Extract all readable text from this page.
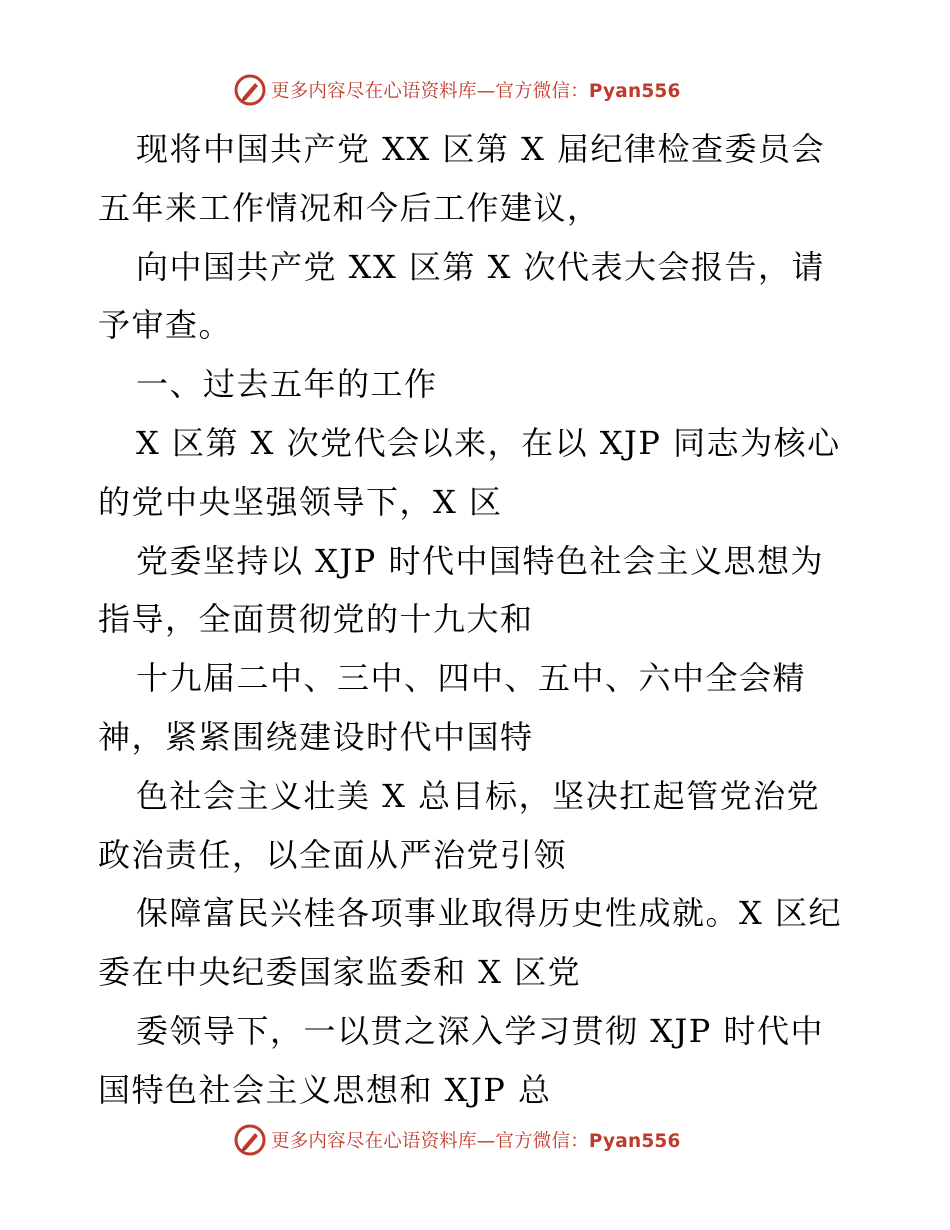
更多内容尽在心语资料库—官方微信：Pyan556
现将中国共产党 XX 区第 X 届纪律检查委员会
五年来工作情况和今后工作建议，
向中国共产党 XX 区第 X 次代表大会报告，请
予审查。
一、过去五年的工作
X 区第 X 次党代会以来，在以 XJP 同志为核心
的党中央坚强领导下，X 区
党委坚持以 XJP 时代中国特色社会主义思想为
指导，全面贯彻党的十九大和
十九届二中、三中、四中、五中、六中全会精
神，紧紧围绕建设时代中国特
色社会主义壮美 X 总目标，坚决扛起管党治党
政治责任，以全面从严治党引领
保障富民兴桂各项事业取得历史性成就。X 区纪
委在中央纪委国家监委和 X 区党
委领导下，一以贯之深入学习贯彻 XJP 时代中
国特色社会主义思想和 XJP 总
更多内容尽在心语资料库—官方微信：Pyan556
